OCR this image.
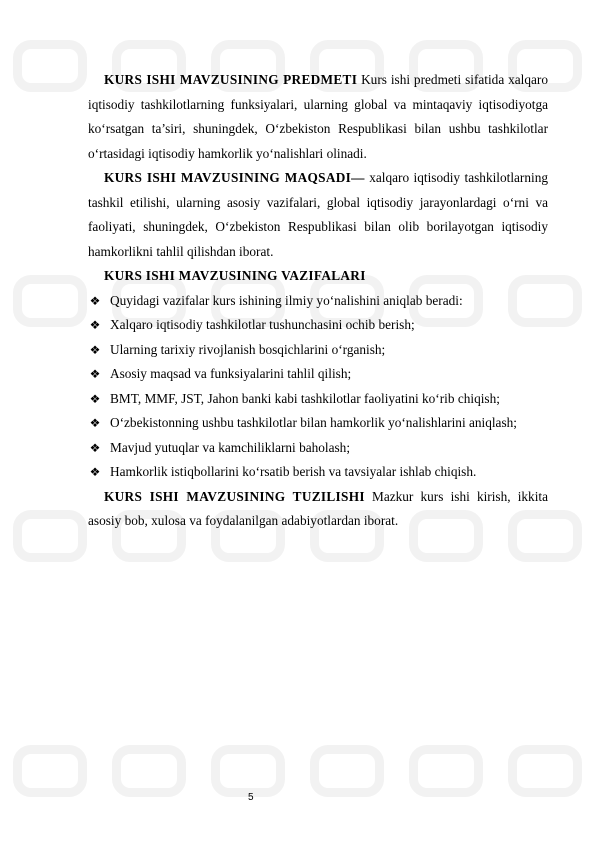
KURS ISHI MAVZUSINING PREDMETI Kurs ishi predmeti sifatida xalqaro iqtisodiy tashkilotlarning funksiyalari, ularning global va mintaqaviy iqtisodiyotga ko‘rsatgan ta’siri, shuningdek, O‘zbekiston Respublikasi bilan ushbu tashkilotlar o‘rtasidagi iqtisodiy hamkorlik yo‘nalishlari olinadi.

KURS ISHI MAVZUSINING MAQSADI— xalqaro iqtisodiy tashkilotlarning tashkil etilishi, ularning asosiy vazifalari, global iqtisodiy jarayonlardagi o‘rni va faoliyati, shuningdek, O‘zbekiston Respublikasi bilan olib borilayotgan iqtisodiy hamkorlikni tahlil qilishdan iborat.

KURS ISHI MAVZUSINING VAZIFALARI

❖ Quyidagi vazifalar kurs ishining ilmiy yo‘nalishini aniqlab beradi:
❖ Xalqaro iqtisodiy tashkilotlar tushunchasini ochib berish;
❖ Ularning tarixiy rivojlanish bosqichlarini o‘rganish;
❖ Asosiy maqsad va funksiyalarini tahlil qilish;
❖ BMT, MMF, JST, Jahon banki kabi tashkilotlar faoliyatini ko‘rib chiqish;
❖ O‘zbekistonning ushbu tashkilotlar bilan hamkorlik yo‘nalishlarini aniqlash;
❖ Mavjud yutuqlar va kamchiliklarni baholash;
❖ Hamkorlik istiqbollarini ko‘rsatib berish va tavsiyalar ishlab chiqish.

KURS ISHI MAVZUSINING TUZILISHI Mazkur kurs ishi kirish, ikkita asosiy bob, xulosa va foydalanilgan adabiyotlardan iborat.

5
